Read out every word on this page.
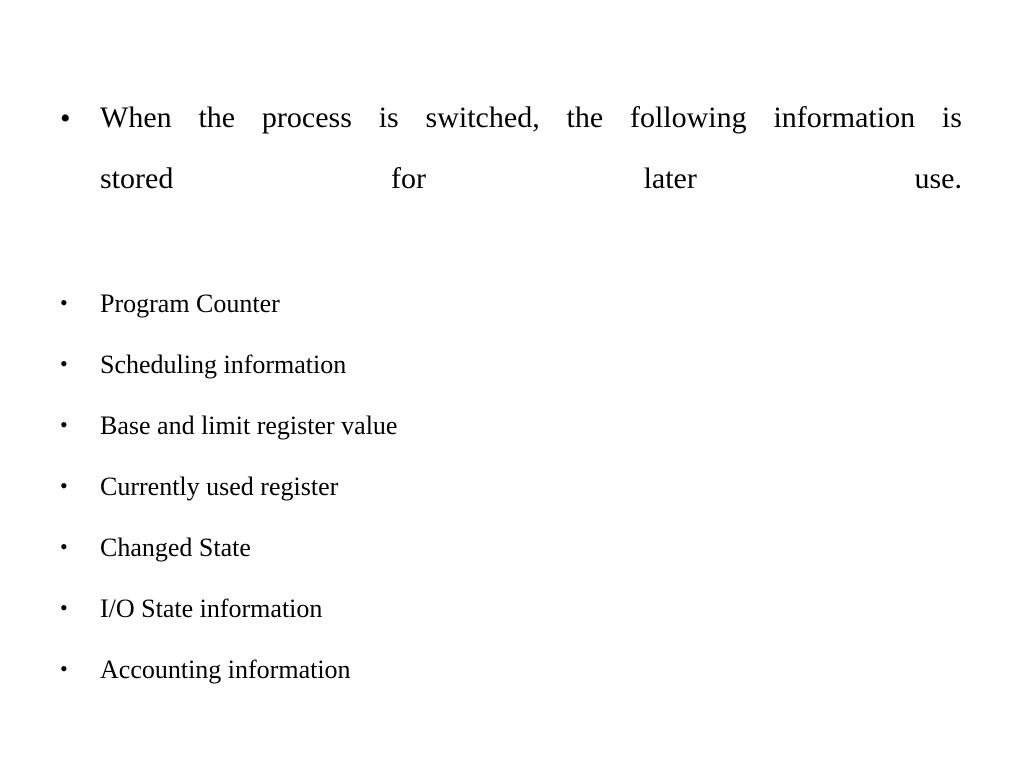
• When the process is switched, the following information is
stored	for	later	use.
• Program Counter
• Scheduling information
• Base and limit register value
• Currently used register
• Changed State
• I/O State information
• Accounting information
